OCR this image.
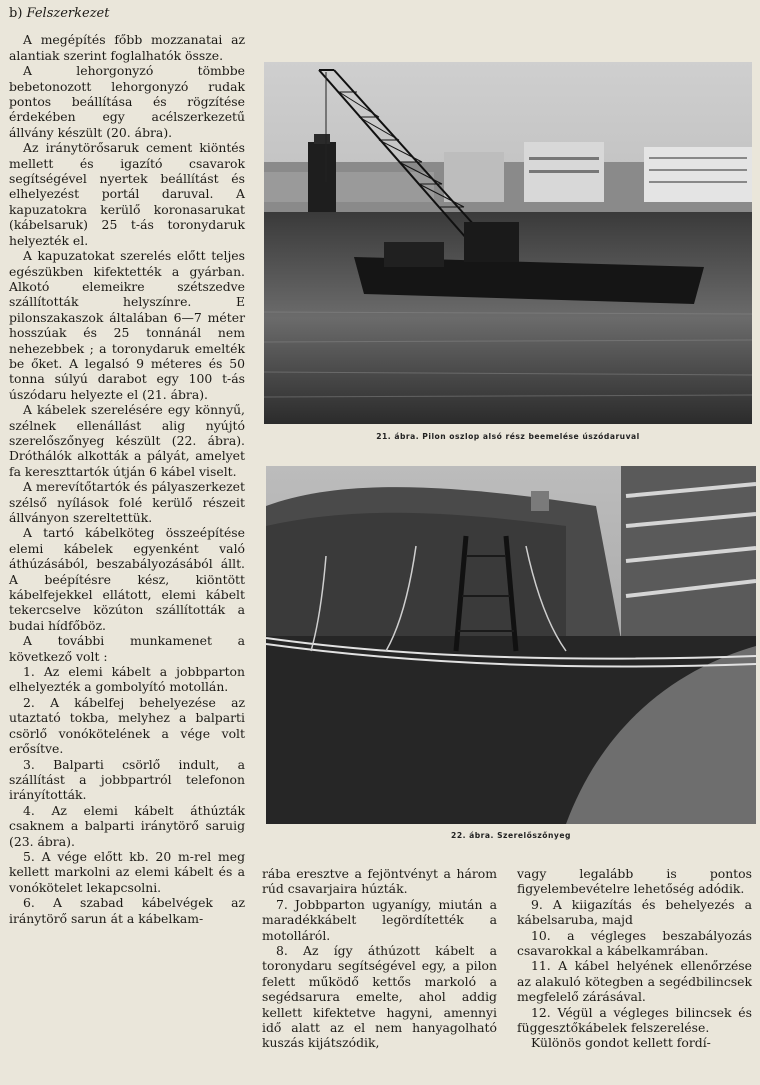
b) Felszerkezet

A megépítés főbb mozzanatai az alantiak szerint foglalhatók össze.

A lehorgonyzó tömbbe bebetonozott lehorgonyzó rudak pontos beállítása és rögzítése érdekében egy acélszerkezetű állvány készült (20. ábra).

Az iránytörősaruk cement kiöntés mellett és igazító csavarok segítségével nyertek beállítást és elhelyezést portál daruval. A kapuzatokra kerülő koronasarukat (kábelsaruk) 25 t-ás toronydaruk helyezték el.

A kapuzatokat szerelés előtt teljes egészükben kifektették a gyárban. Alkotó elemeikre szétszedve szállították helyszínre. E pilonszakaszok általában 6—7 méter hosszúak és 25 tonnánál nem nehezebbek ; a toronydaruk emelték be őket. A legalsó 9 méteres és 50 tonna súlyú darabot egy 100 t-ás úszódaru helyezte el (21. ábra).

A kábelek szerelésére egy könnyű, szélnek ellenállást alig nyújtó szerelőszőnyeg készült (22. ábra). Dróthálók alkották a pályát, amelyet fa kereszttartók útján 6 kábel viselt.

A merevítőtartók és pályaszerkezet szélső nyílások folé kerülő részeit állványon szereltettük.

A tartó kábelköteg összeépítése elemi kábelek egyenként való áthúzásából, beszabályozásából állt. A beépítésre kész, kiöntött kábelfejekkel ellátott, elemi kábelt tekercselve közúton szállították a budai hídfőböz.

A további munkamenet a következő volt :

1. Az elemi kábelt a jobbparton elhelyezték a gombolyító motollán.

2. A kábelfej behelyezése az utaztató tokba, melyhez a balparti csörlő vonókötelének a vége volt erősítve.

3. Balparti csörlő indult, a szállítást a jobbpartról telefonon irányították.

4. Az elemi kábelt áthúzták csaknem a balparti iránytörő saruig (23. ábra).

5. A vége előtt kb. 20 m-rel meg kellett markolni az elemi kábelt és a vonókötelet lekapcsolni.

6. A szabad kábelvégek az iránytörő sarun át a kábelkam-

21. ábra. Pilon oszlop alsó rész beemelése úszódaruval
22. ábra. Szerelőszőnyeg

rába eresztve a fejöntvényt a három rúd csavarjaira húzták.

7. Jobbparton ugyanígy, miután a maradékkábelt legördítették a motolláról.

8. Az így áthúzott kábelt a toronydaru segítségével egy, a pilon felett működő kettős markoló a segédsarura emelte, ahol addig kellett kifektetve hagyni, amennyi idő alatt az el nem hanyagolható kuszás kijátszódik,

vagy legalább is pontos figyelembevételre lehetőség adódik.

9. A kiigazítás és behelyezés a kábelsaruba, majd

10. a végleges beszabályozás csavarokkal a kábelkamrában.

11. A kábel helyének ellenőrzése az alakuló kötegben a segédbilincsek megfelelő zárásával.

12. Végül a végleges bilincsek és függesztőkábelek felszerelése.

Különös gondot kellett fordí-
